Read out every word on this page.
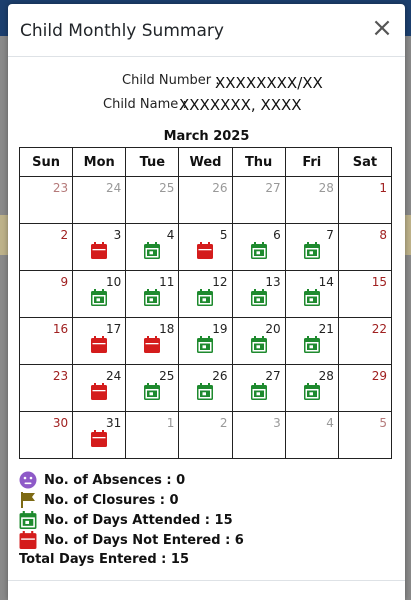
Child Monthly Summary	×
Child Number :
XXXXXXXX/XX
Child Name :
XXXXXXX, XXXX
March 2025
Sun	Mon	Tue	Wed	Thu	Fri	Sat

23	24	25	26	27	28	1

2	3	4	5	6	7	8

9	10	11	12	13	14	15

16	17	18	19	20	21	22

23	24	25	26	27	28	29

30	31	1	2	3	4	5
No. of Absences : 0
No. of Closures : 0
No. of Days Attended : 15
No. of Days Not Entered : 6
Total Days Entered : 15
